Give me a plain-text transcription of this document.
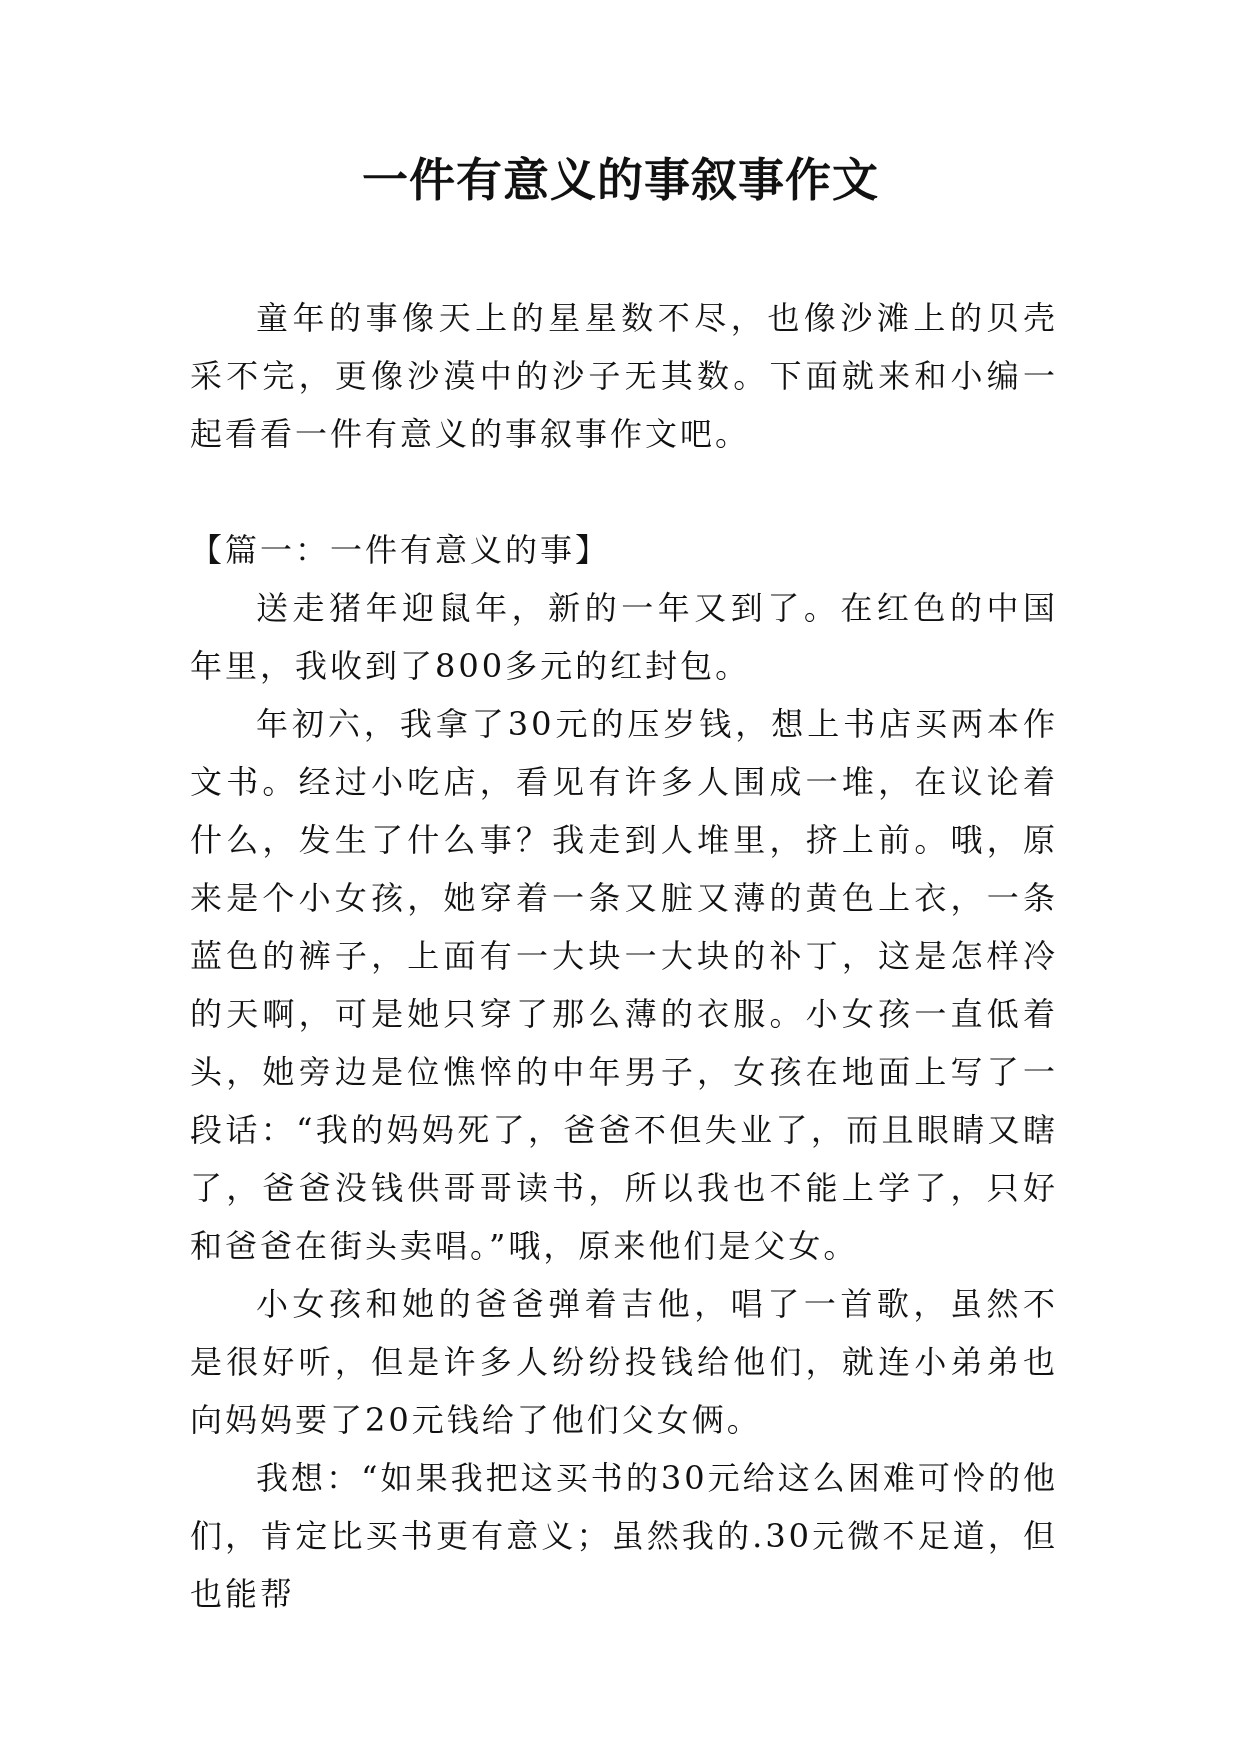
一件有意义的事叙事作文

童年的事像天上的星星数不尽，也像沙滩上的贝壳采不完，更像沙漠中的沙子无其数。下面就来和小编一起看看一件有意义的事叙事作文吧。

【篇一：一件有意义的事】

送走猪年迎鼠年，新的一年又到了。在红色的中国年里，我收到了800多元的红封包。

年初六，我拿了30元的压岁钱，想上书店买两本作文书。经过小吃店，看见有许多人围成一堆，在议论着什么，发生了什么事？我走到人堆里，挤上前。哦，原来是个小女孩，她穿着一条又脏又薄的黄色上衣，一条蓝色的裤子，上面有一大块一大块的补丁，这是怎样冷的天啊，可是她只穿了那么薄的衣服。小女孩一直低着头，她旁边是位憔悴的中年男子，女孩在地面上写了一段话：“我的妈妈死了，爸爸不但失业了，而且眼睛又瞎了，爸爸没钱供哥哥读书，所以我也不能上学了，只好和爸爸在街头卖唱。”哦，原来他们是父女。

小女孩和她的爸爸弹着吉他，唱了一首歌，虽然不是很好听，但是许多人纷纷投钱给他们，就连小弟弟也向妈妈要了20元钱给了他们父女俩。

我想：“如果我把这买书的30元给这么困难可怜的他们，肯定比买书更有意义；虽然我的.30元微不足道，但也能帮
